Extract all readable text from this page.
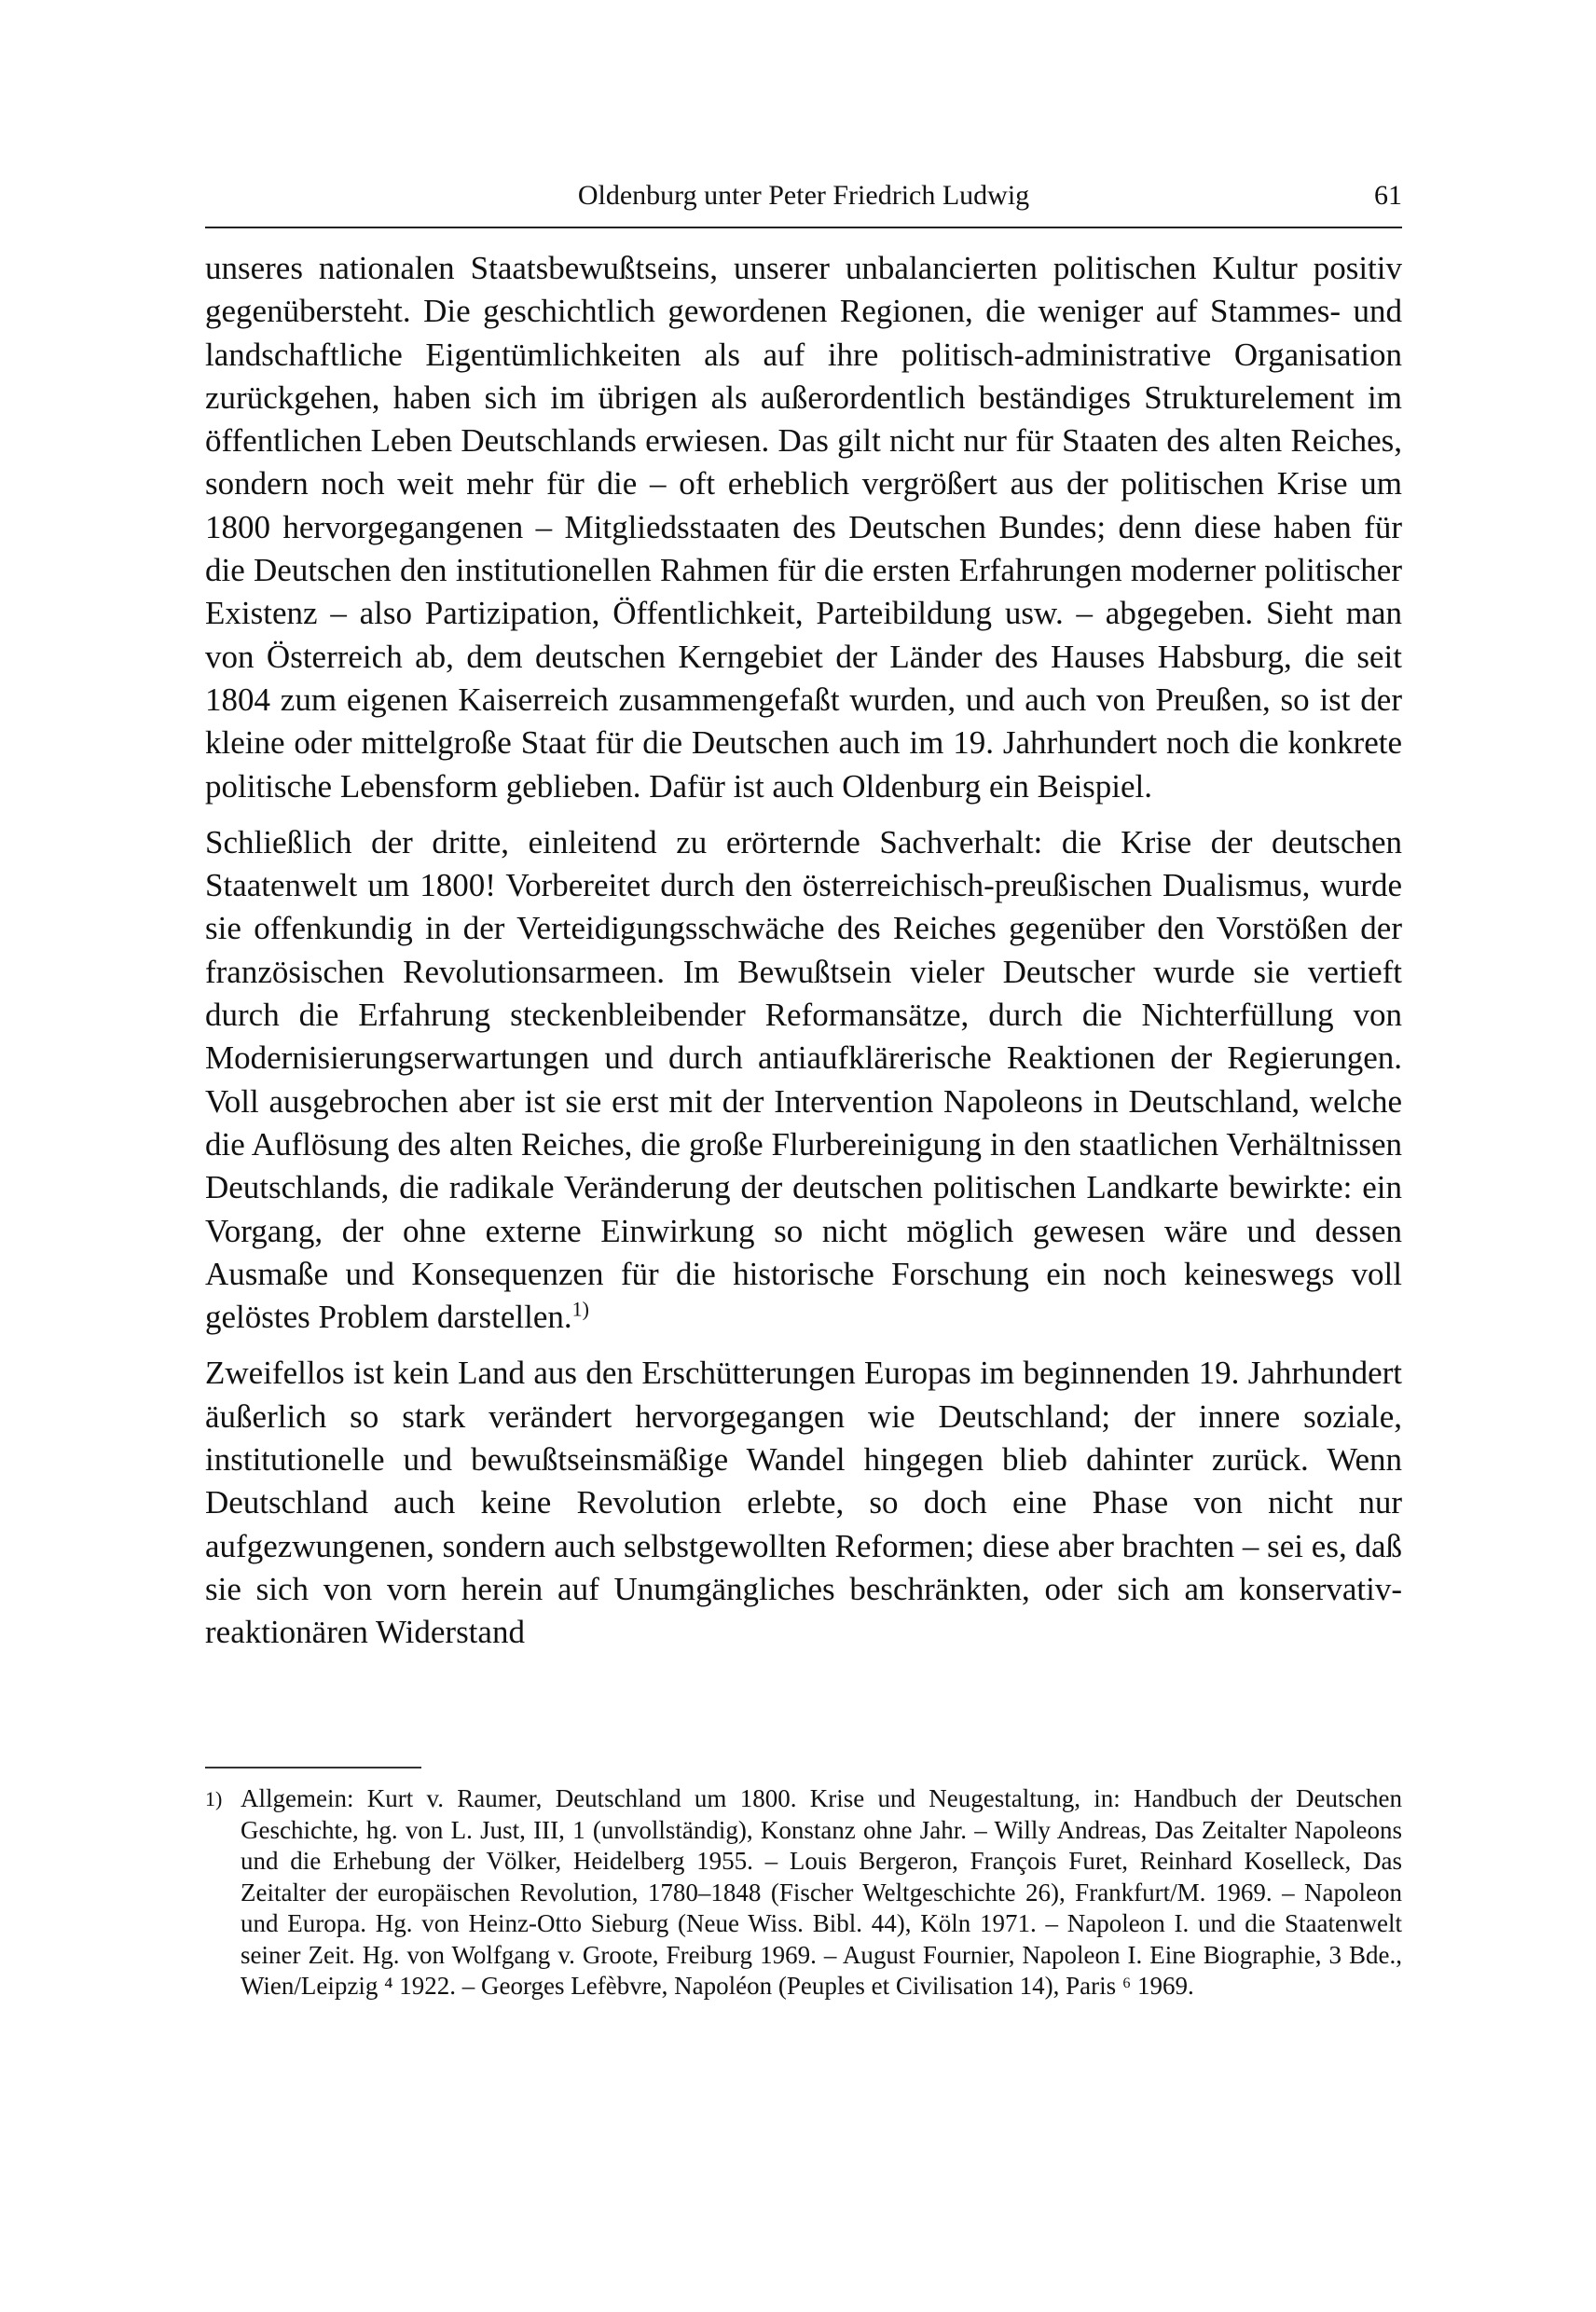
Oldenburg unter Peter Friedrich Ludwig	61

unseres nationalen Staatsbewußtseins, unserer unbalancierten politischen Kultur positiv gegenübersteht. Die geschichtlich gewordenen Regionen, die weniger auf Stammes- und landschaftliche Eigentümlichkeiten als auf ihre politisch-administrative Organisation zurückgehen, haben sich im übrigen als außerordentlich beständiges Strukturelement im öffentlichen Leben Deutschlands erwiesen. Das gilt nicht nur für Staaten des alten Reiches, sondern noch weit mehr für die – oft erheblich vergrößert aus der politischen Krise um 1800 hervorgegangenen – Mitgliedsstaaten des Deutschen Bundes; denn diese haben für die Deutschen den institutionellen Rahmen für die ersten Erfahrungen moderner politischer Existenz – also Partizipation, Öffentlichkeit, Parteibildung usw. – abgegeben. Sieht man von Österreich ab, dem deutschen Kerngebiet der Länder des Hauses Habsburg, die seit 1804 zum eigenen Kaiserreich zusammengefaßt wurden, und auch von Preußen, so ist der kleine oder mittelgroße Staat für die Deutschen auch im 19. Jahrhundert noch die konkrete politische Lebensform geblieben. Dafür ist auch Oldenburg ein Beispiel.

Schließlich der dritte, einleitend zu erörternde Sachverhalt: die Krise der deutschen Staatenwelt um 1800! Vorbereitet durch den österreichisch-preußischen Dualismus, wurde sie offenkundig in der Verteidigungsschwäche des Reiches gegenüber den Vorstößen der französischen Revolutionsarmeen. Im Bewußtsein vieler Deutscher wurde sie vertieft durch die Erfahrung steckenbleibender Reformansätze, durch die Nichterfüllung von Modernisierungserwartungen und durch antiaufklärerische Reaktionen der Regierungen. Voll ausgebrochen aber ist sie erst mit der Intervention Napoleons in Deutschland, welche die Auflösung des alten Reiches, die große Flurbereinigung in den staatlichen Verhältnissen Deutschlands, die radikale Veränderung der deutschen politischen Landkarte bewirkte: ein Vorgang, der ohne externe Einwirkung so nicht möglich gewesen wäre und dessen Ausmaße und Konsequenzen für die historische Forschung ein noch keineswegs voll gelöstes Problem darstellen.$^{1)}$

Zweifellos ist kein Land aus den Erschütterungen Europas im beginnenden 19. Jahrhundert äußerlich so stark verändert hervorgegangen wie Deutschland; der innere soziale, institutionelle und bewußtseinsmäßige Wandel hingegen blieb dahinter zurück. Wenn Deutschland auch keine Revolution erlebte, so doch eine Phase von nicht nur aufgezwungenen, sondern auch selbstgewollten Reformen; diese aber brachten – sei es, daß sie sich von vorn herein auf Unumgängliches beschränkten, oder sich am konservativ-reaktionären Widerstand

1) Allgemein: Kurt v. Raumer, Deutschland um 1800. Krise und Neugestaltung, in: Handbuch der Deutschen Geschichte, hg. von L. Just, III, 1 (unvollständig), Konstanz ohne Jahr. – Willy Andreas, Das Zeitalter Napoleons und die Erhebung der Völker, Heidelberg 1955. – Louis Bergeron, François Furet, Reinhard Koselleck, Das Zeitalter der europäischen Revolution, 1780–1848 (Fischer Weltgeschichte 26), Frankfurt/M. 1969. – Napoleon und Europa. Hg. von Heinz-Otto Sieburg (Neue Wiss. Bibl. 44), Köln 1971. – Napoleon I. und die Staatenwelt seiner Zeit. Hg. von Wolfgang v. Groote, Freiburg 1969. – August Fournier, Napoleon I. Eine Biographie, 3 Bde., Wien/Leipzig ⁴ 1922. – Georges Lefèbvre, Napoléon (Peuples et Civilisation 14), Paris ⁶ 1969.
